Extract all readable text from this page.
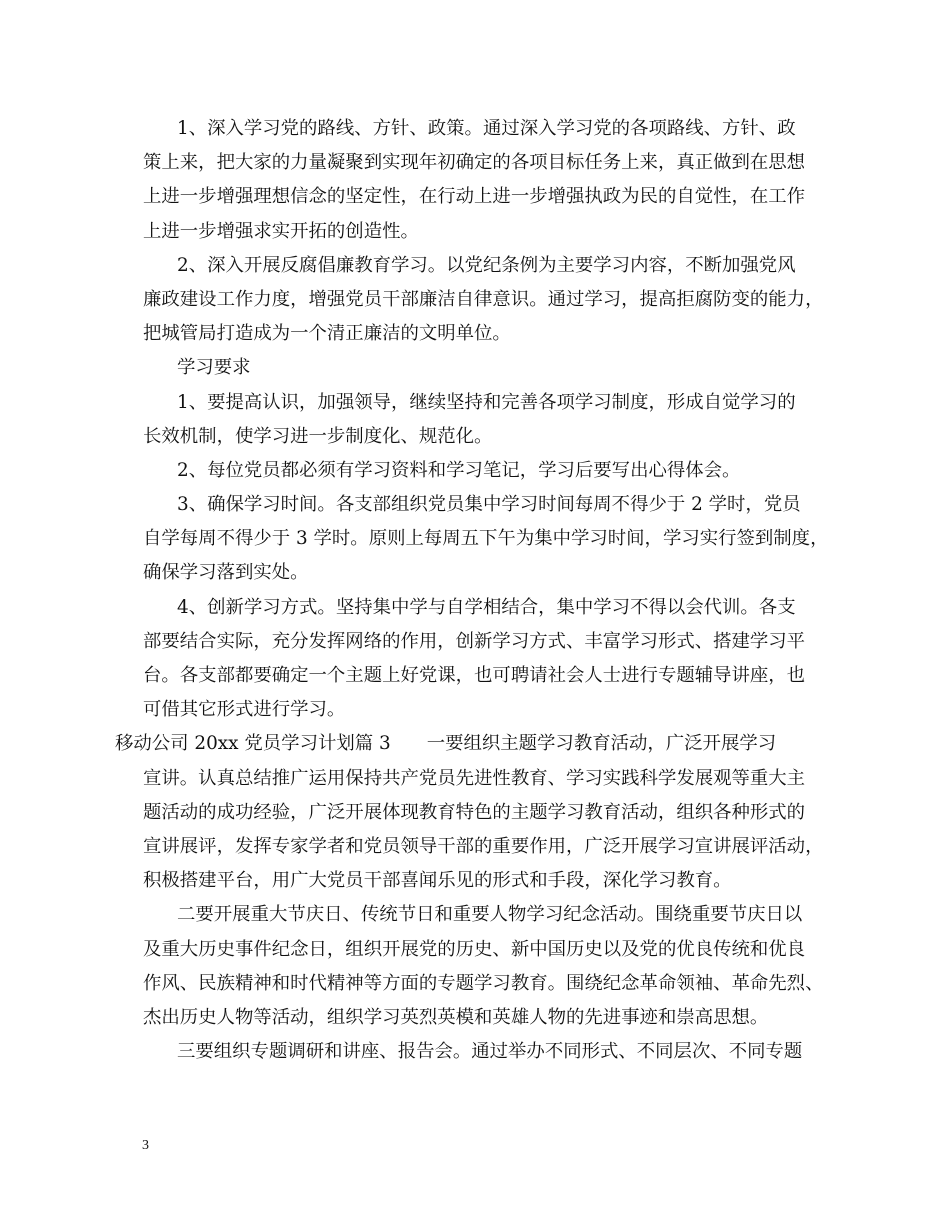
1、深入学习党的路线、方针、政策。通过深入学习党的各项路线、方针、政
策上来，把大家的力量凝聚到实现年初确定的各项目标任务上来，真正做到在思想
上进一步增强理想信念的坚定性，在行动上进一步增强执政为民的自觉性，在工作
上进一步增强求实开拓的创造性。
2、深入开展反腐倡廉教育学习。以党纪条例为主要学习内容，不断加强党风
廉政建设工作力度，增强党员干部廉洁自律意识。通过学习，提高拒腐防变的能力，
把城管局打造成为一个清正廉洁的文明单位。
学习要求
1、要提高认识，加强领导，继续坚持和完善各项学习制度，形成自觉学习的
长效机制，使学习进一步制度化、规范化。
2、每位党员都必须有学习资料和学习笔记，学习后要写出心得体会。
3、确保学习时间。各支部组织党员集中学习时间每周不得少于 2 学时，党员
自学每周不得少于 3 学时。原则上每周五下午为集中学习时间，学习实行签到制度，
确保学习落到实处。
4、创新学习方式。坚持集中学与自学相结合，集中学习不得以会代训。各支
部要结合实际，充分发挥网络的作用，创新学习方式、丰富学习形式、搭建学习平
台。各支部都要确定一个主题上好党课，也可聘请社会人士进行专题辅导讲座，也
可借其它形式进行学习。
移动公司 20xx 党员学习计划篇 3 一要组织主题学习教育活动，广泛开展学习
宣讲。认真总结推广运用保持共产党员先进性教育、学习实践科学发展观等重大主
题活动的成功经验，广泛开展体现教育特色的主题学习教育活动，组织各种形式的
宣讲展评，发挥专家学者和党员领导干部的重要作用，广泛开展学习宣讲展评活动，
积极搭建平台，用广大党员干部喜闻乐见的形式和手段，深化学习教育。
二要开展重大节庆日、传统节日和重要人物学习纪念活动。围绕重要节庆日以
及重大历史事件纪念日，组织开展党的历史、新中国历史以及党的优良传统和优良
作风、民族精神和时代精神等方面的专题学习教育。围绕纪念革命领袖、革命先烈、
杰出历史人物等活动，组织学习英烈英模和英雄人物的先进事迹和崇高思想。
三要组织专题调研和讲座、报告会。通过举办不同形式、不同层次、不同专题
3
